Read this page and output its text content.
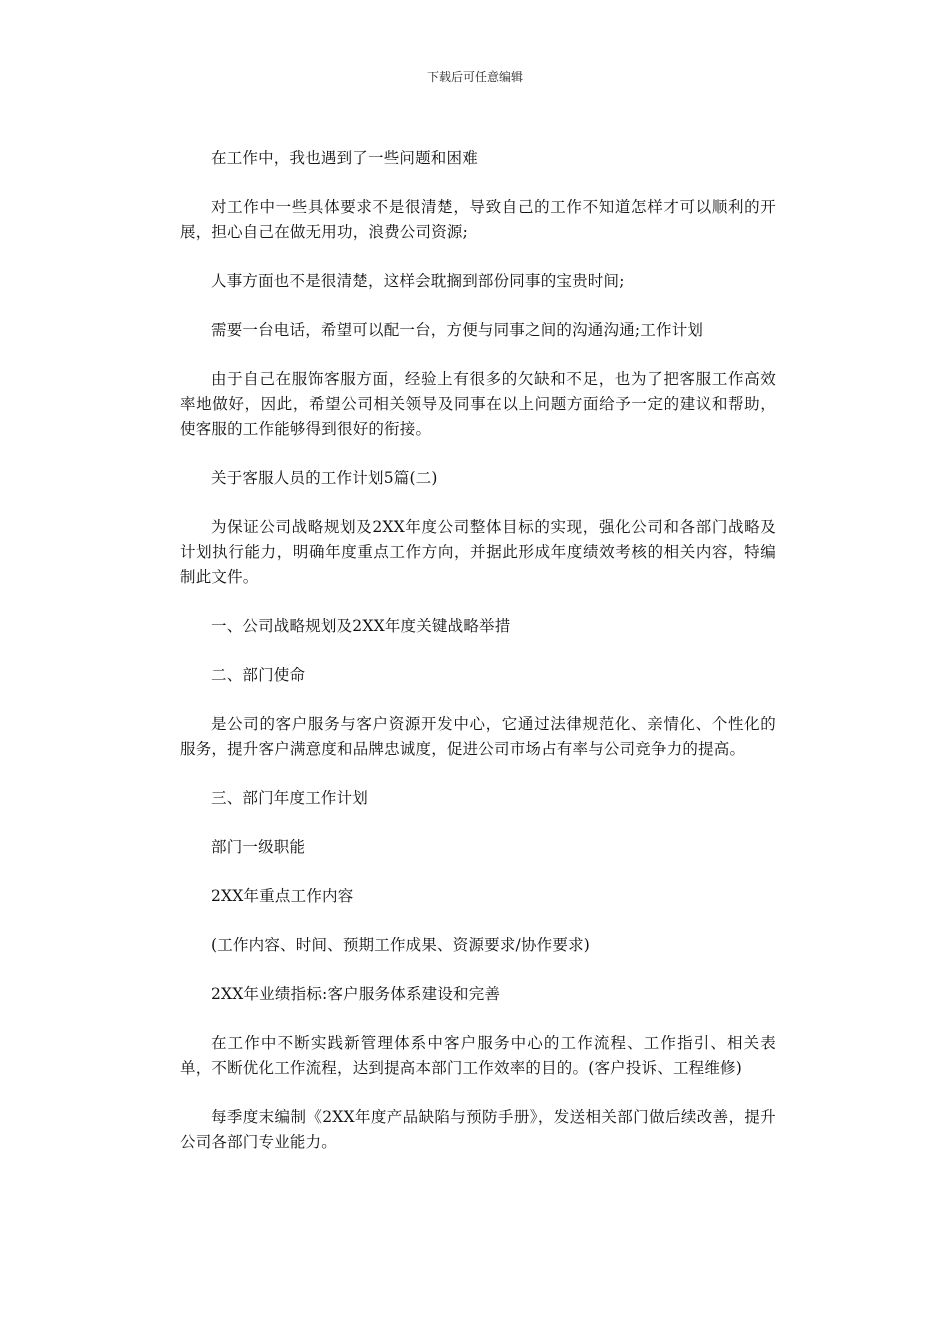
下载后可任意编辑

在工作中，我也遇到了一些问题和困难

对工作中一些具体要求不是很清楚，导致自己的工作不知道怎样才可以顺利的开展，担心自己在做无用功，浪费公司资源;

人事方面也不是很清楚，这样会耽搁到部份同事的宝贵时间;

需要一台电话，希望可以配一台，方便与同事之间的沟通沟通;工作计划

由于自己在服饰客服方面，经验上有很多的欠缺和不足，也为了把客服工作高效率地做好，因此，希望公司相关领导及同事在以上问题方面给予一定的建议和帮助，使客服的工作能够得到很好的衔接。

关于客服人员的工作计划5篇(二)

为保证公司战略规划及2XX年度公司整体目标的实现，强化公司和各部门战略及计划执行能力，明确年度重点工作方向，并据此形成年度绩效考核的相关内容，特编制此文件。

一、公司战略规划及2XX年度关键战略举措

二、部门使命

是公司的客户服务与客户资源开发中心，它通过法律规范化、亲情化、个性化的服务，提升客户满意度和品牌忠诚度，促进公司市场占有率与公司竞争力的提高。

三、部门年度工作计划

部门一级职能

2XX年重点工作内容

(工作内容、时间、预期工作成果、资源要求/协作要求)

2XX年业绩指标:客户服务体系建设和完善

在工作中不断实践新管理体系中客户服务中心的工作流程、工作指引、相关表单，不断优化工作流程，达到提高本部门工作效率的目的。(客户投诉、工程维修)

每季度末编制《2XX年度产品缺陷与预防手册》，发送相关部门做后续改善，提升公司各部门专业能力。
